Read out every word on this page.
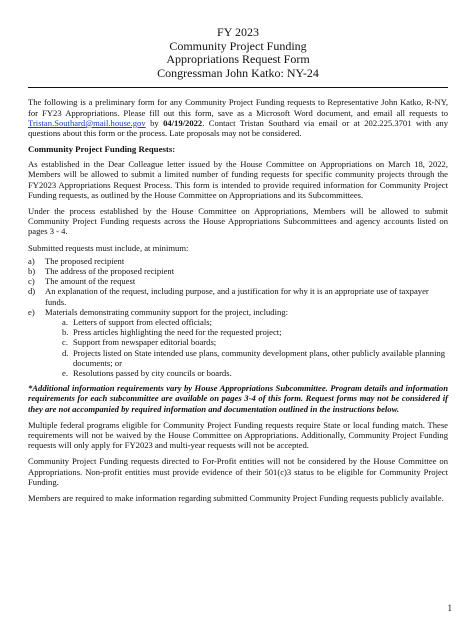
FY 2023
Community Project Funding
Appropriations Request Form
Congressman John Katko: NY-24

The following is a preliminary form for any Community Project Funding requests to Representative John Katko, R-NY, for FY23 Appropriations. Please fill out this form, save as a Microsoft Word document, and email all requests to Tristan.Southard@mail.house.gov by 04/19/2022. Contact Tristan Southard via email or at 202.225.3701 with any questions about this form or the process. Late proposals may not be considered.

Community Project Funding Requests:

As established in the Dear Colleague letter issued by the House Committee on Appropriations on March 18, 2022, Members will be allowed to submit a limited number of funding requests for specific community projects through the FY2023 Appropriations Request Process. This form is intended to provide required information for Community Project Funding requests, as outlined by the House Committee on Appropriations and its Subcommittees.

Under the process established by the House Committee on Appropriations, Members will be allowed to submit Community Project Funding requests across the House Appropriations Subcommittees and agency accounts listed on pages 3 - 4.

Submitted requests must include, at minimum:

a) The proposed recipient
b) The address of the proposed recipient
c) The amount of the request
d) An explanation of the request, including purpose, and a justification for why it is an appropriate use of taxpayer funds.
e) Materials demonstrating community support for the project, including:
a. Letters of support from elected officials;
b. Press articles highlighting the need for the requested project;
c. Support from newspaper editorial boards;
d. Projects listed on State intended use plans, community development plans, other publicly available planning documents; or
e. Resolutions passed by city councils or boards.

*Additional information requirements vary by House Appropriations Subcommittee. Program details and information requirements for each subcommittee are available on pages 3-4 of this form. Request forms may not be considered if they are not accompanied by required information and documentation outlined in the instructions below.

Multiple federal programs eligible for Community Project Funding requests require State or local funding match. These requirements will not be waived by the House Committee on Appropriations. Additionally, Community Project Funding requests will only apply for FY2023 and multi-year requests will not be accepted.

Community Project Funding requests directed to For-Profit entities will not be considered by the House Committee on Appropriations. Non-profit entities must provide evidence of their 501(c)3 status to be eligible for Community Project Funding.

Members are required to make information regarding submitted Community Project Funding requests publicly available.

1
